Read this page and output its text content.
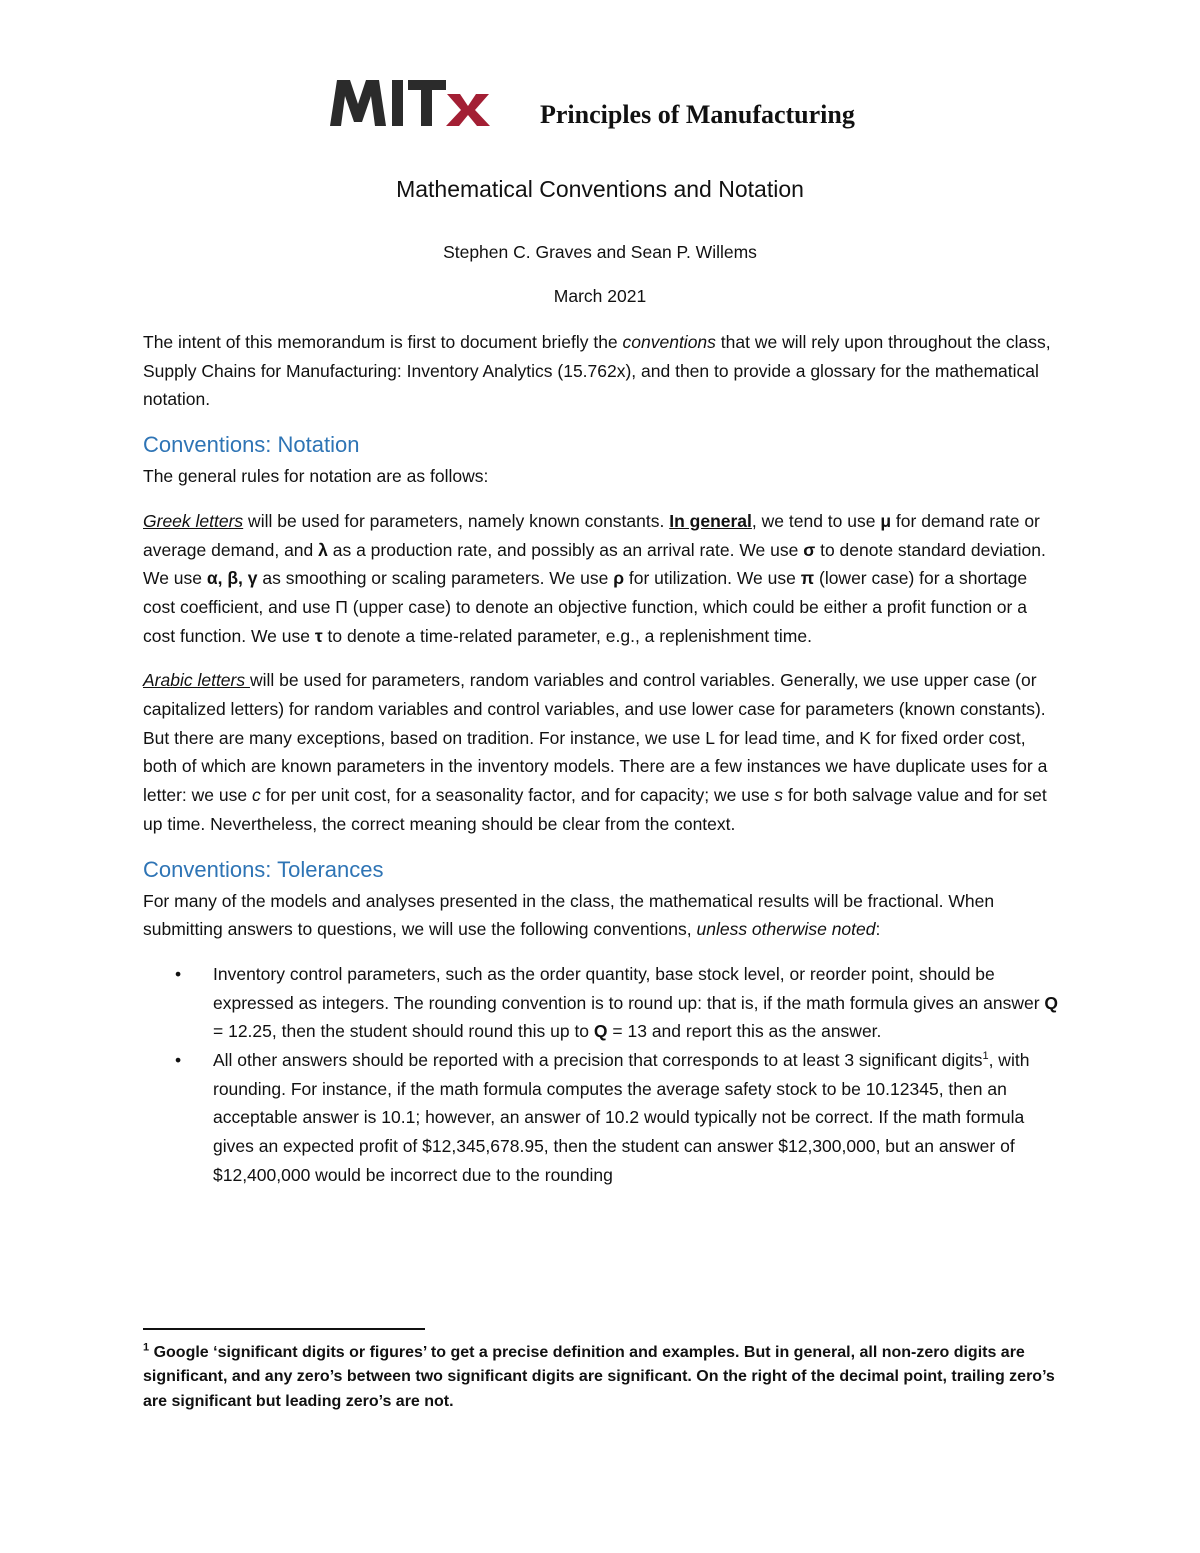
Principles of Manufacturing
Mathematical Conventions and Notation
Stephen C. Graves and Sean P. Willems
March 2021

The intent of this memorandum is first to document briefly the conventions that we will rely upon throughout the class, Supply Chains for Manufacturing: Inventory Analytics (15.762x), and then to provide a glossary for the mathematical notation.

Conventions: Notation

The general rules for notation are as follows:

Greek letters will be used for parameters, namely known constants. In general, we tend to use μ for demand rate or average demand, and λ as a production rate, and possibly as an arrival rate. We use σ to denote standard deviation. We use α, β, γ as smoothing or scaling parameters. We use ρ for utilization. We use π (lower case) for a shortage cost coefficient, and use Π (upper case) to denote an objective function, which could be either a profit function or a cost function. We use τ to denote a time-related parameter, e.g., a replenishment time.

Arabic letters will be used for parameters, random variables and control variables. Generally, we use upper case (or capitalized letters) for random variables and control variables, and use lower case for parameters (known constants). But there are many exceptions, based on tradition. For instance, we use L for lead time, and K for fixed order cost, both of which are known parameters in the inventory models. There are a few instances we have duplicate uses for a letter: we use c for per unit cost, for a seasonality factor, and for capacity; we use s for both salvage value and for set up time. Nevertheless, the correct meaning should be clear from the context.

Conventions: Tolerances

For many of the models and analyses presented in the class, the mathematical results will be fractional. When submitting answers to questions, we will use the following conventions, unless otherwise noted:

• Inventory control parameters, such as the order quantity, base stock level, or reorder point, should be expressed as integers. The rounding convention is to round up: that is, if the math formula gives an answer Q = 12.25, then the student should round this up to Q = 13 and report this as the answer.
• All other answers should be reported with a precision that corresponds to at least 3 significant digits$^1$, with rounding. For instance, if the math formula computes the average safety stock to be 10.12345, then an acceptable answer is 10.1; however, an answer of 10.2 would typically not be correct. If the math formula gives an expected profit of $12,345,678.95, then the student can answer $12,300,000, but an answer of $12,400,000 would be incorrect due to the rounding
$^1$ Google ‘significant digits or figures’ to get a precise definition and examples. But in general, all non-zero digits are significant, and any zero’s between two significant digits are significant. On the right of the decimal point, trailing zero’s are significant but leading zero’s are not.
